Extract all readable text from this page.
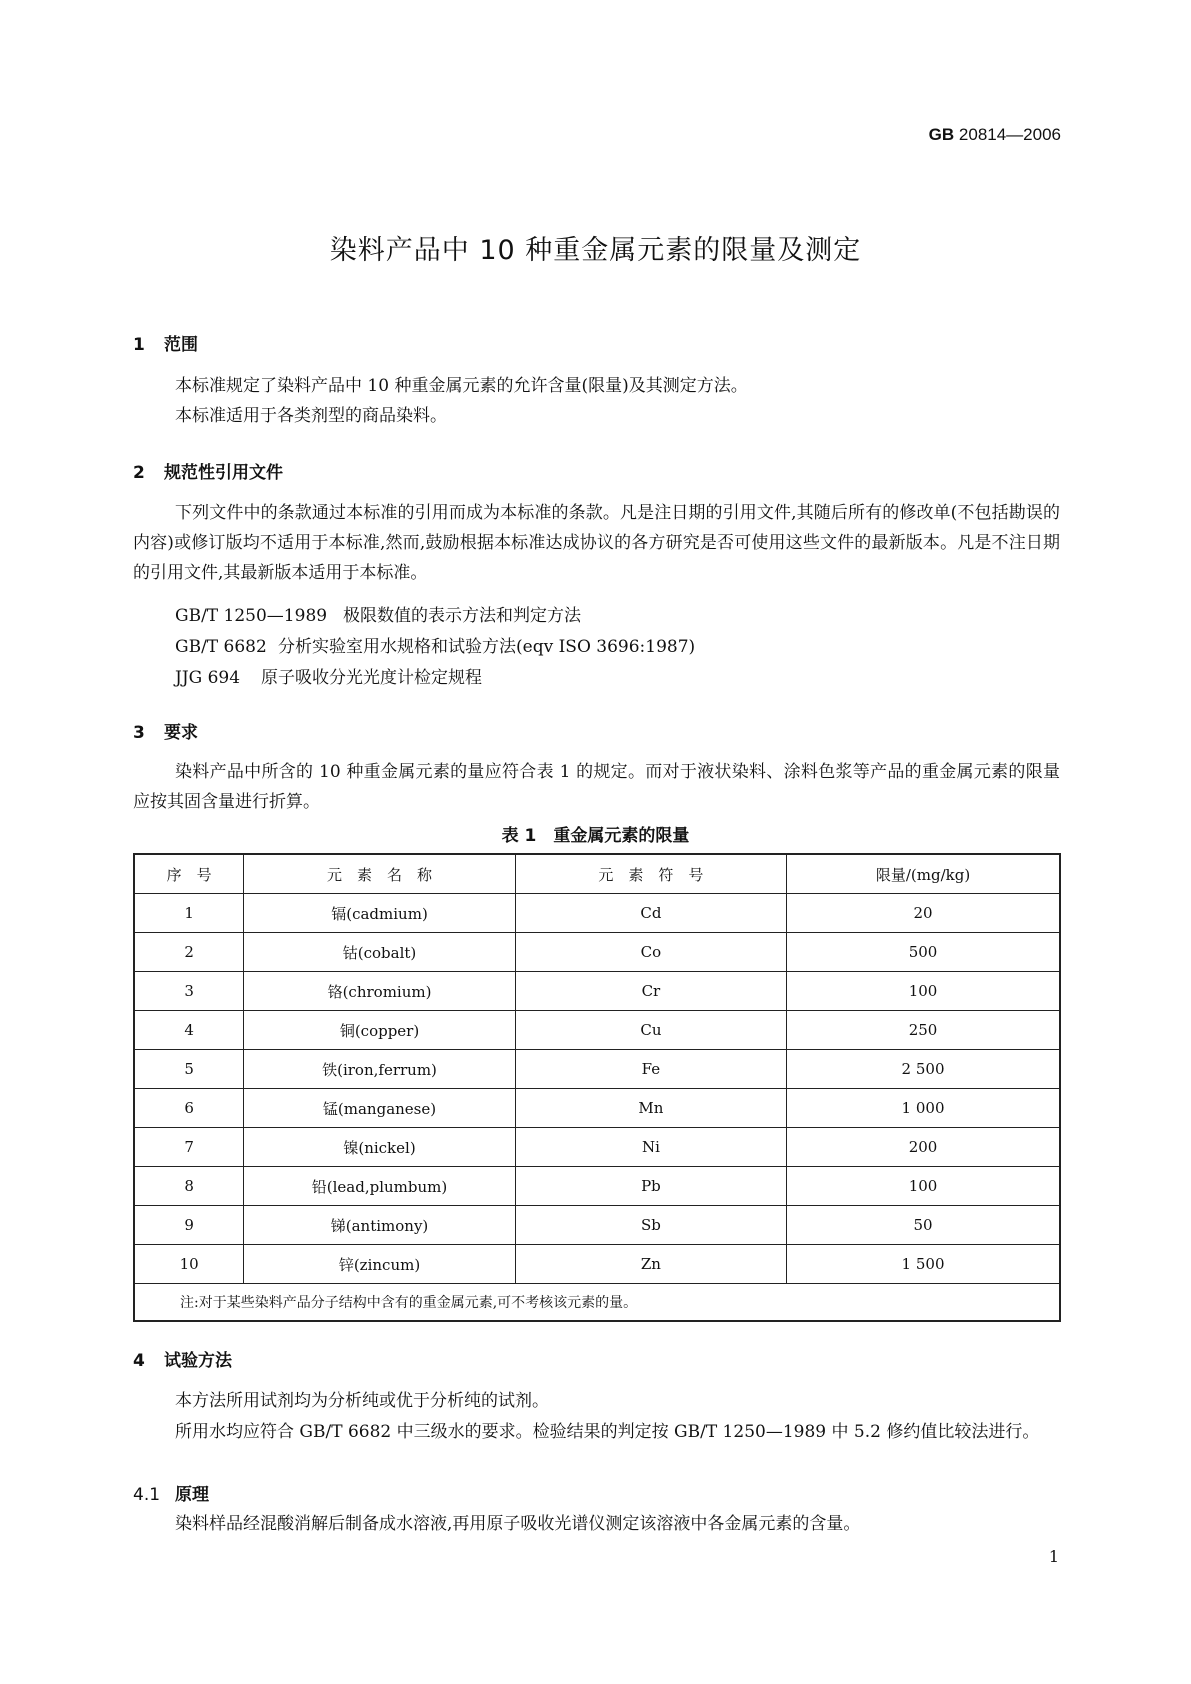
GB 20814—2006
染料产品中 10 种重金属元素的限量及测定
1 范围
本标准规定了染料产品中 10 种重金属元素的允许含量(限量)及其测定方法。
本标准适用于各类剂型的商品染料。
2 规范性引用文件
下列文件中的条款通过本标准的引用而成为本标准的条款。凡是注日期的引用文件,其随后所有的修改单(不包括勘误的内容)或修订版均不适用于本标准,然而,鼓励根据本标准达成协议的各方研究是否可使用这些文件的最新版本。凡是不注日期的引用文件,其最新版本适用于本标准。
GB/T 1250—1989 极限数值的表示方法和判定方法
GB/T 6682 分析实验室用水规格和试验方法(eqv ISO 3696:1987)
JJG 694 原子吸收分光光度计检定规程
3 要求
染料产品中所含的 10 种重金属元素的量应符合表 1 的规定。而对于液状染料、涂料色浆等产品的重金属元素的限量应按其固含量进行折算。
表 1　重金属元素的限量
序　号	元　素　名　称	元　素　符　号	限量/(mg/kg)
1	镉(cadmium)	Cd	20
2	钴(cobalt)	Co	500
3	铬(chromium)	Cr	100
4	铜(copper)	Cu	250
5	铁(iron,ferrum)	Fe	2 500
6	锰(manganese)	Mn	1 000
7	镍(nickel)	Ni	200
8	铅(lead,plumbum)	Pb	100
9	锑(antimony)	Sb	50
10	锌(zincum)	Zn	1 500
注:对于某些染料产品分子结构中含有的重金属元素,可不考核该元素的量。			
4 试验方法
本方法所用试剂均为分析纯或优于分析纯的试剂。
所用水均应符合 GB/T 6682 中三级水的要求。检验结果的判定按 GB/T 1250—1989 中 5.2 修约值比较法进行。
4.1 原理
染料样品经混酸消解后制备成水溶液,再用原子吸收光谱仪测定该溶液中各金属元素的含量。
1
